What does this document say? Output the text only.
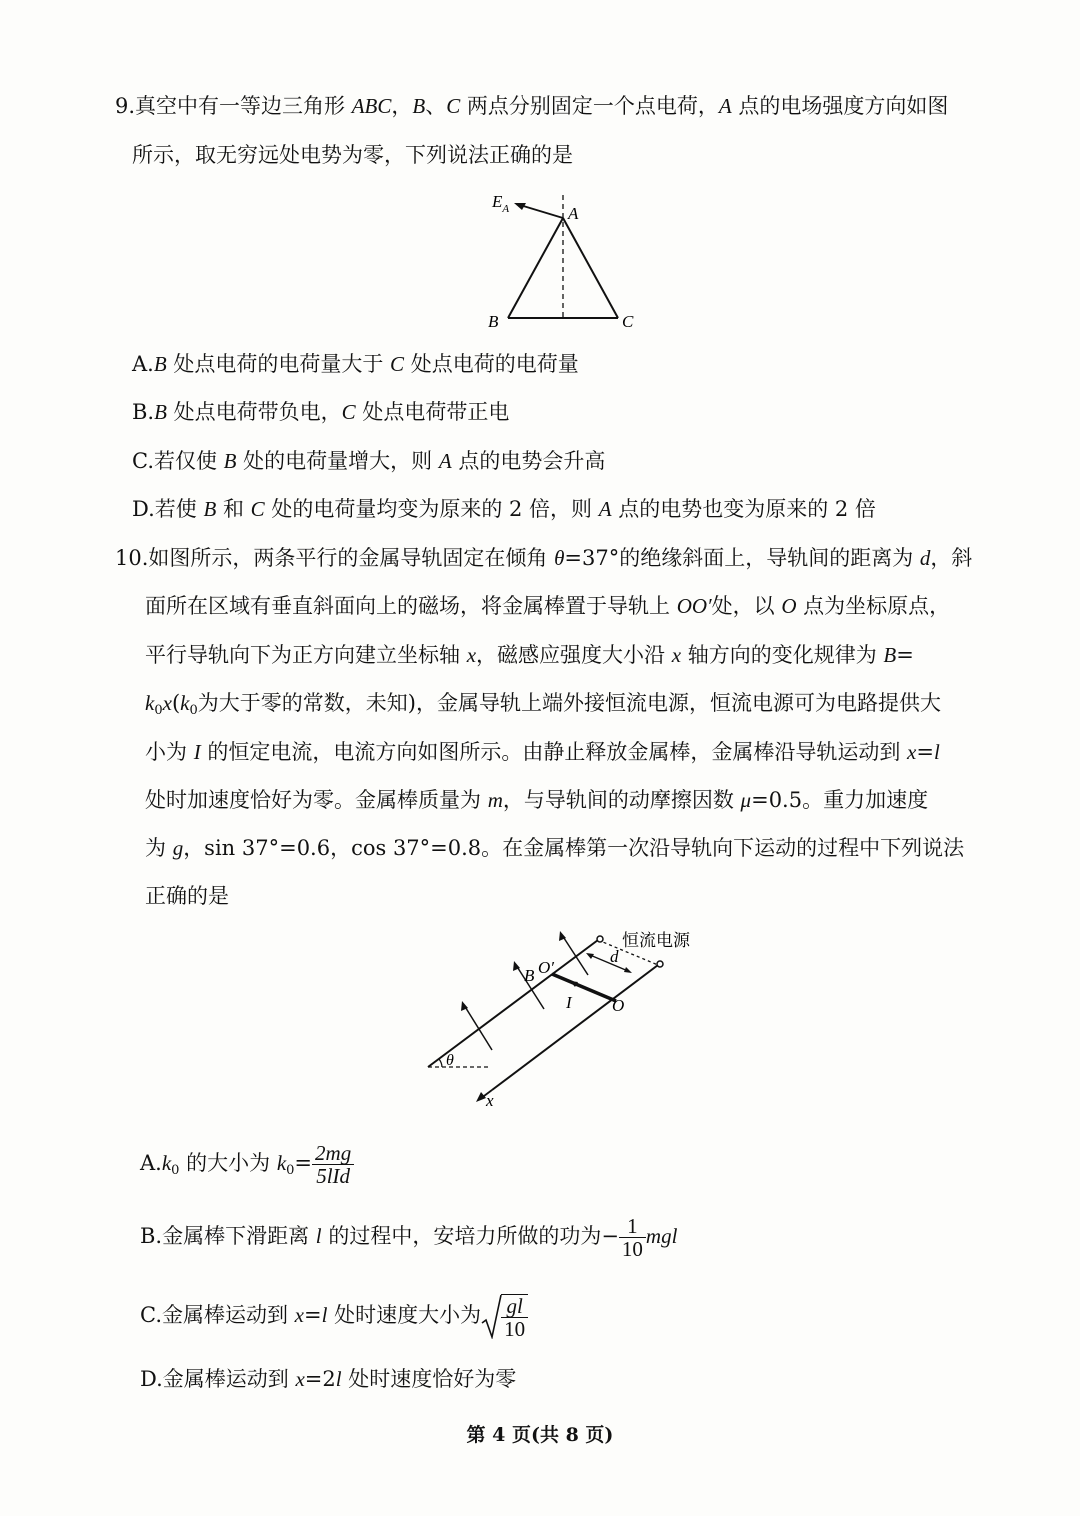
9.真空中有一等边三角形 ABC，B、C 两点分别固定一个点电荷，A 点的电场强度方向如图
所示，取无穷远处电势为零，下列说法正确的是
$E_A$	A
B	C
A.B 处点电荷的电荷量大于 C 处点电荷的电荷量
B.B 处点电荷带负电，C 处点电荷带正电
C.若仅使 B 处的电荷量增大，则 A 点的电势会升高
D.若使 B 和 C 处的电荷量均变为原来的 2 倍，则 A 点的电势也变为原来的 2 倍
10.如图所示，两条平行的金属导轨固定在倾角 θ=37°的绝缘斜面上，导轨间的距离为 d，斜
面所在区域有垂直斜面向上的磁场，将金属棒置于导轨上 OO′处，以 O 点为坐标原点，
平行导轨向下为正方向建立坐标轴 x，磁感应强度大小沿 x 轴方向的变化规律为 B=
$k_0x(k_0$为大于零的常数，未知)，金属导轨上端外接恒流电源，恒流电源可为电路提供大
小为 I 的恒定电流，电流方向如图所示。由静止释放金属棒，金属棒沿导轨运动到 x=l
处时加速度恰好为零。金属棒质量为 m，与导轨间的动摩擦因数 μ=0.5。重力加速度
为 g，sin 37°=0.6，cos 37°=0.8。在金属棒第一次沿导轨向下运动的过程中下列说法
正确的是
恒流电源
d
B O′
I O
θ
x
$A.k_0$ 的大小为 $k_0= \frac{2mg}{\text{5lId}}$
B.金属棒下滑距离 l 的过程中，安培力所做的功为− $\frac{1}{10}$ mgl
C.金属棒运动到 x=l 处时速度大小为 $\frac{gl}{10}$
D.金属棒运动到 x=2l 处时速度恰好为零
第 4 页(共 8 页)
